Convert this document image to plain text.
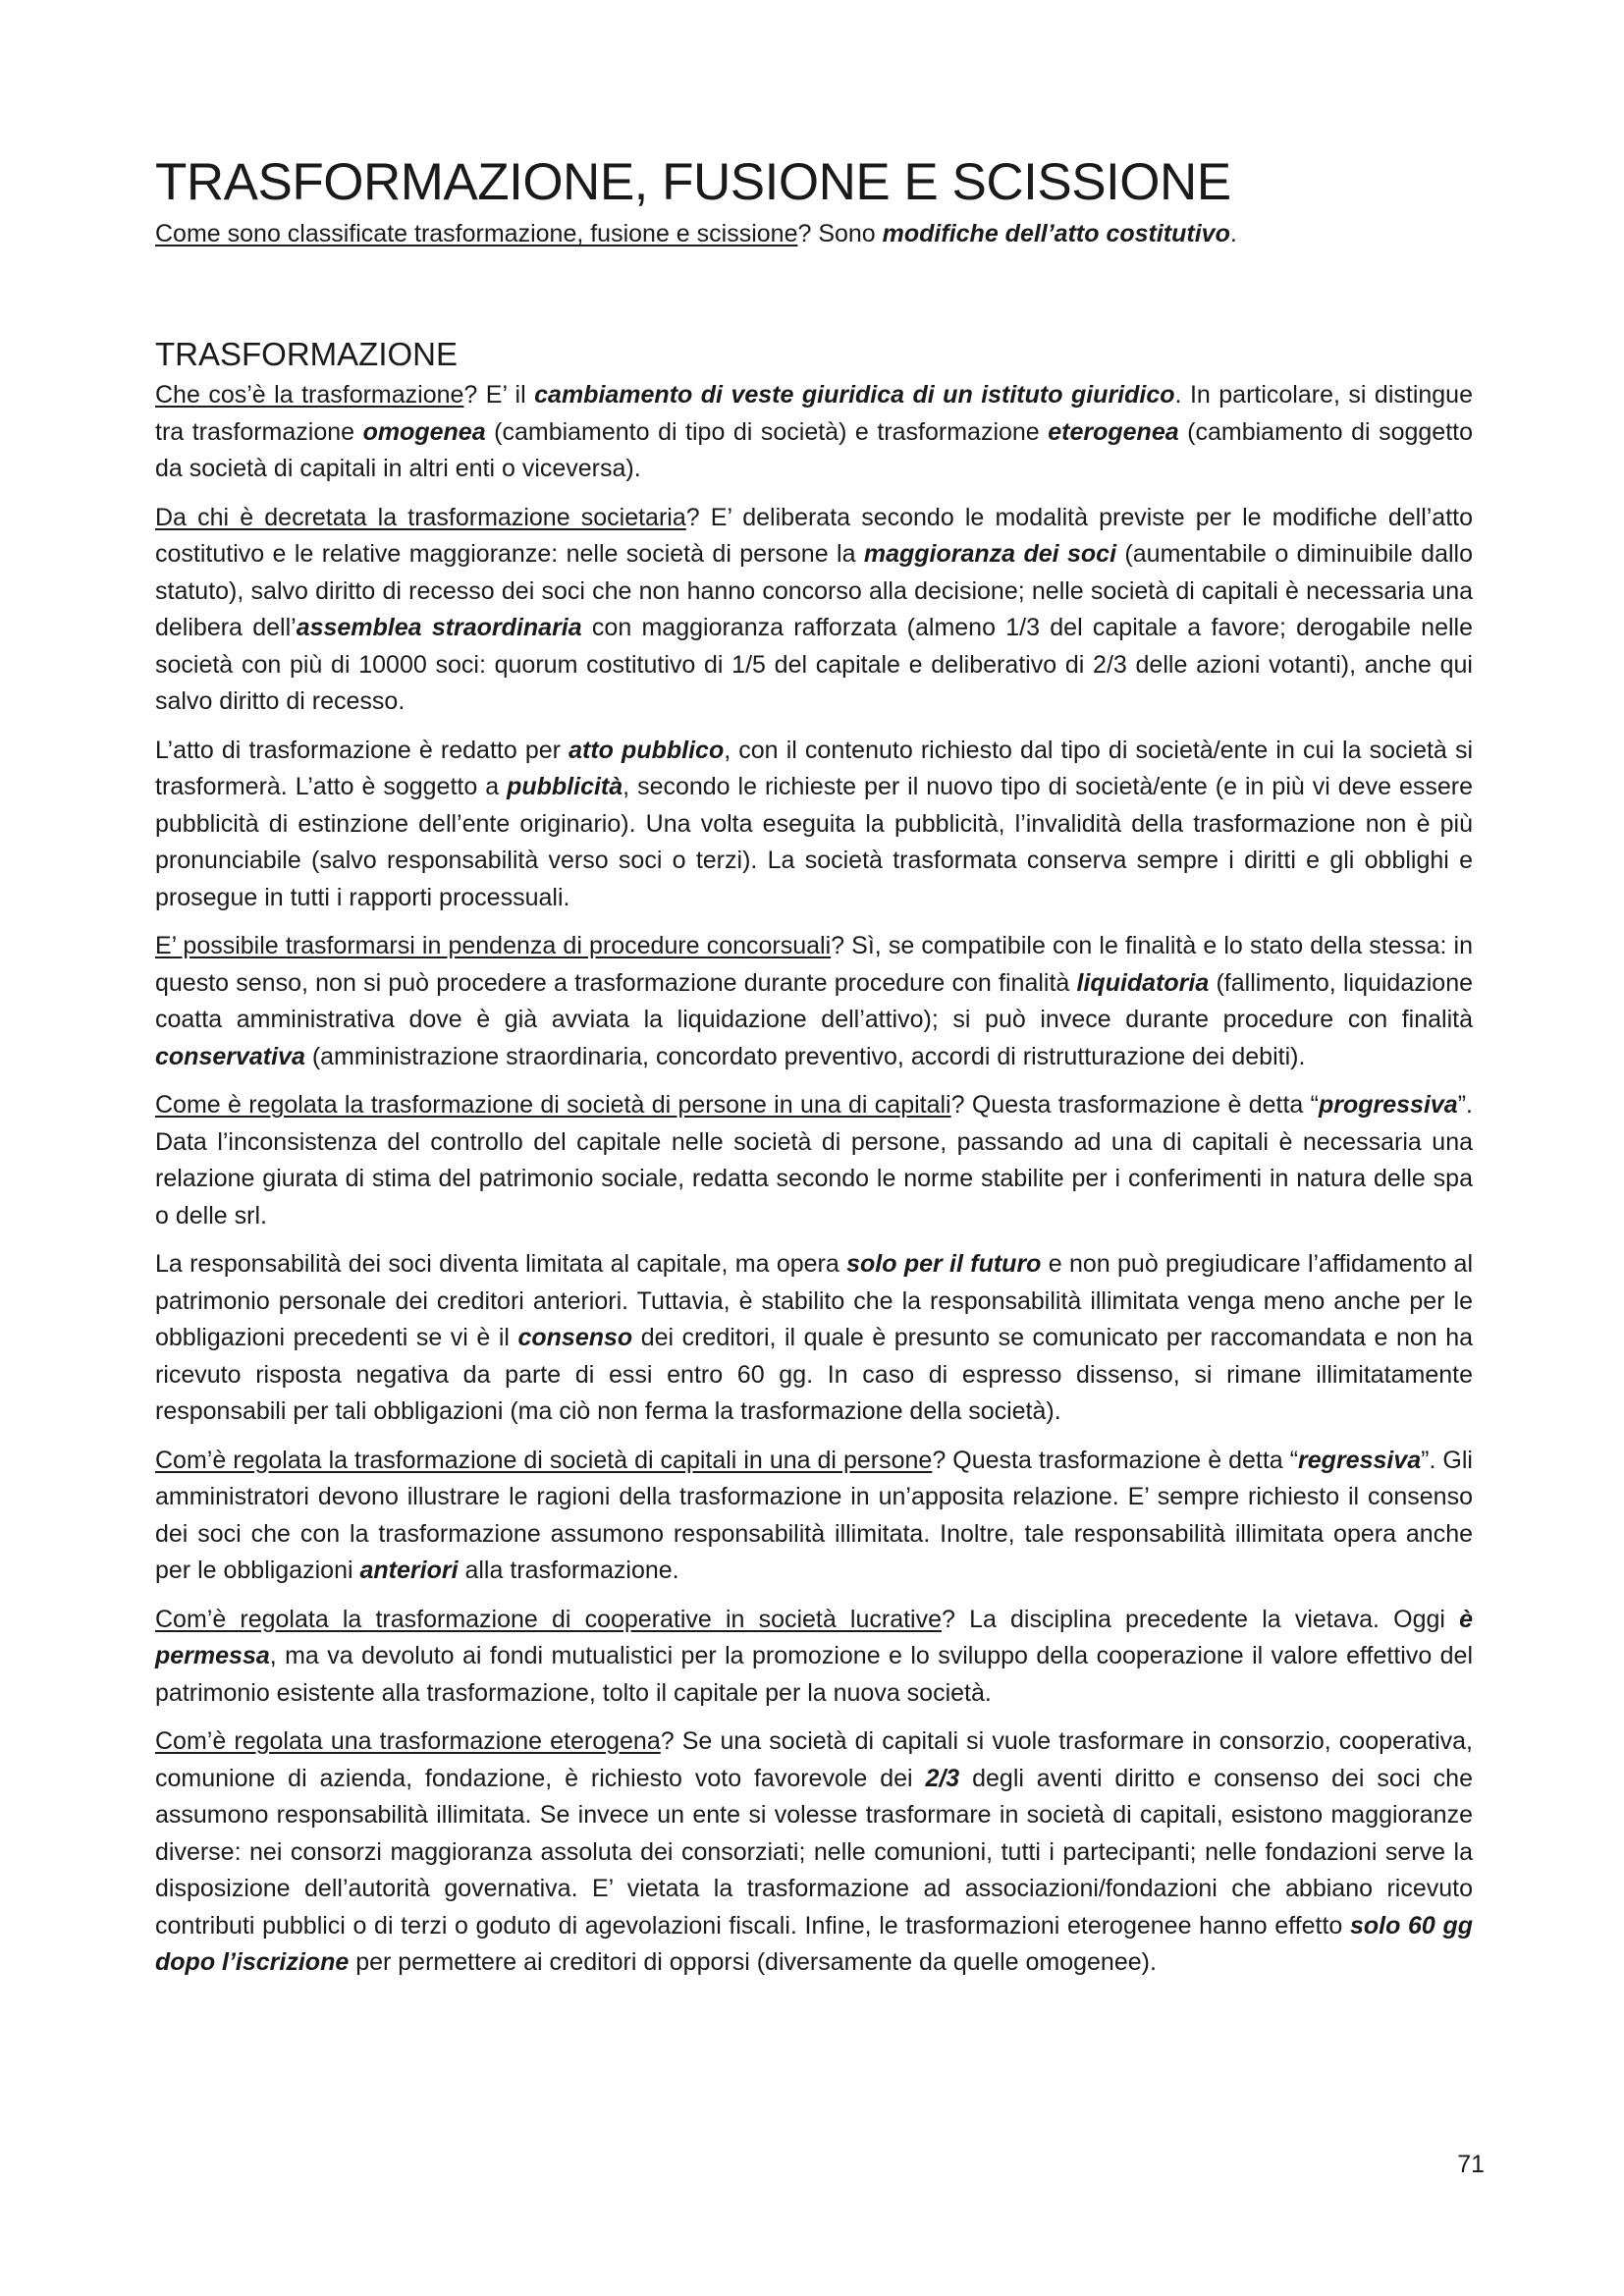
TRASFORMAZIONE, FUSIONE E SCISSIONE
Come sono classificate trasformazione, fusione e scissione? Sono modifiche dell’atto costitutivo.
TRASFORMAZIONE

Che cos’è la trasformazione? E’ il cambiamento di veste giuridica di un istituto giuridico. In particolare, si distingue tra trasformazione omogenea (cambiamento di tipo di società) e trasformazione eterogenea (cambiamento di soggetto da società di capitali in altri enti o viceversa).

Da chi è decretata la trasformazione societaria? E’ deliberata secondo le modalità previste per le modifiche dell’atto costitutivo e le relative maggioranze: nelle società di persone la maggioranza dei soci (aumentabile o diminuibile dallo statuto), salvo diritto di recesso dei soci che non hanno concorso alla decisione; nelle società di capitali è necessaria una delibera dell’assemblea straordinaria con maggioranza rafforzata (almeno 1/3 del capitale a favore; derogabile nelle società con più di 10000 soci: quorum costitutivo di 1/5 del capitale e deliberativo di 2/3 delle azioni votanti), anche qui salvo diritto di recesso.

L’atto di trasformazione è redatto per atto pubblico, con il contenuto richiesto dal tipo di società/ente in cui la società si trasformerà. L’atto è soggetto a pubblicità, secondo le richieste per il nuovo tipo di società/ente (e in più vi deve essere pubblicità di estinzione dell’ente originario). Una volta eseguita la pubblicità, l’invalidità della trasformazione non è più pronunciabile (salvo responsabilità verso soci o terzi). La società trasformata conserva sempre i diritti e gli obblighi e prosegue in tutti i rapporti processuali.

E’ possibile trasformarsi in pendenza di procedure concorsuali? Sì, se compatibile con le finalità e lo stato della stessa: in questo senso, non si può procedere a trasformazione durante procedure con finalità liquidatoria (fallimento, liquidazione coatta amministrativa dove è già avviata la liquidazione dell’attivo); si può invece durante procedure con finalità conservativa (amministrazione straordinaria, concordato preventivo, accordi di ristrutturazione dei debiti).

Come è regolata la trasformazione di società di persone in una di capitali? Questa trasformazione è detta “progressiva”. Data l’inconsistenza del controllo del capitale nelle società di persone, passando ad una di capitali è necessaria una relazione giurata di stima del patrimonio sociale, redatta secondo le norme stabilite per i conferimenti in natura delle spa o delle srl.

La responsabilità dei soci diventa limitata al capitale, ma opera solo per il futuro e non può pregiudicare l’affidamento al patrimonio personale dei creditori anteriori. Tuttavia, è stabilito che la responsabilità illimitata venga meno anche per le obbligazioni precedenti se vi è il consenso dei creditori, il quale è presunto se comunicato per raccomandata e non ha ricevuto risposta negativa da parte di essi entro 60 gg. In caso di espresso dissenso, si rimane illimitatamente responsabili per tali obbligazioni (ma ciò non ferma la trasformazione della società).

Com’è regolata la trasformazione di società di capitali in una di persone? Questa trasformazione è detta “regressiva”. Gli amministratori devono illustrare le ragioni della trasformazione in un’apposita relazione. E’ sempre richiesto il consenso dei soci che con la trasformazione assumono responsabilità illimitata. Inoltre, tale responsabilità illimitata opera anche per le obbligazioni anteriori alla trasformazione.

Com’è regolata la trasformazione di cooperative in società lucrative? La disciplina precedente la vietava. Oggi è permessa, ma va devoluto ai fondi mutualistici per la promozione e lo sviluppo della cooperazione il valore effettivo del patrimonio esistente alla trasformazione, tolto il capitale per la nuova società.

Com’è regolata una trasformazione eterogena? Se una società di capitali si vuole trasformare in consorzio, cooperativa, comunione di azienda, fondazione, è richiesto voto favorevole dei 2/3 degli aventi diritto e consenso dei soci che assumono responsabilità illimitata. Se invece un ente si volesse trasformare in società di capitali, esistono maggioranze diverse: nei consorzi maggioranza assoluta dei consorziati; nelle comunioni, tutti i partecipanti; nelle fondazioni serve la disposizione dell’autorità governativa. E’ vietata la trasformazione ad associazioni/fondazioni che abbiano ricevuto contributi pubblici o di terzi o goduto di agevolazioni fiscali. Infine, le trasformazioni eterogenee hanno effetto solo 60 gg dopo l’iscrizione per permettere ai creditori di opporsi (diversamente da quelle omogenee).

71
